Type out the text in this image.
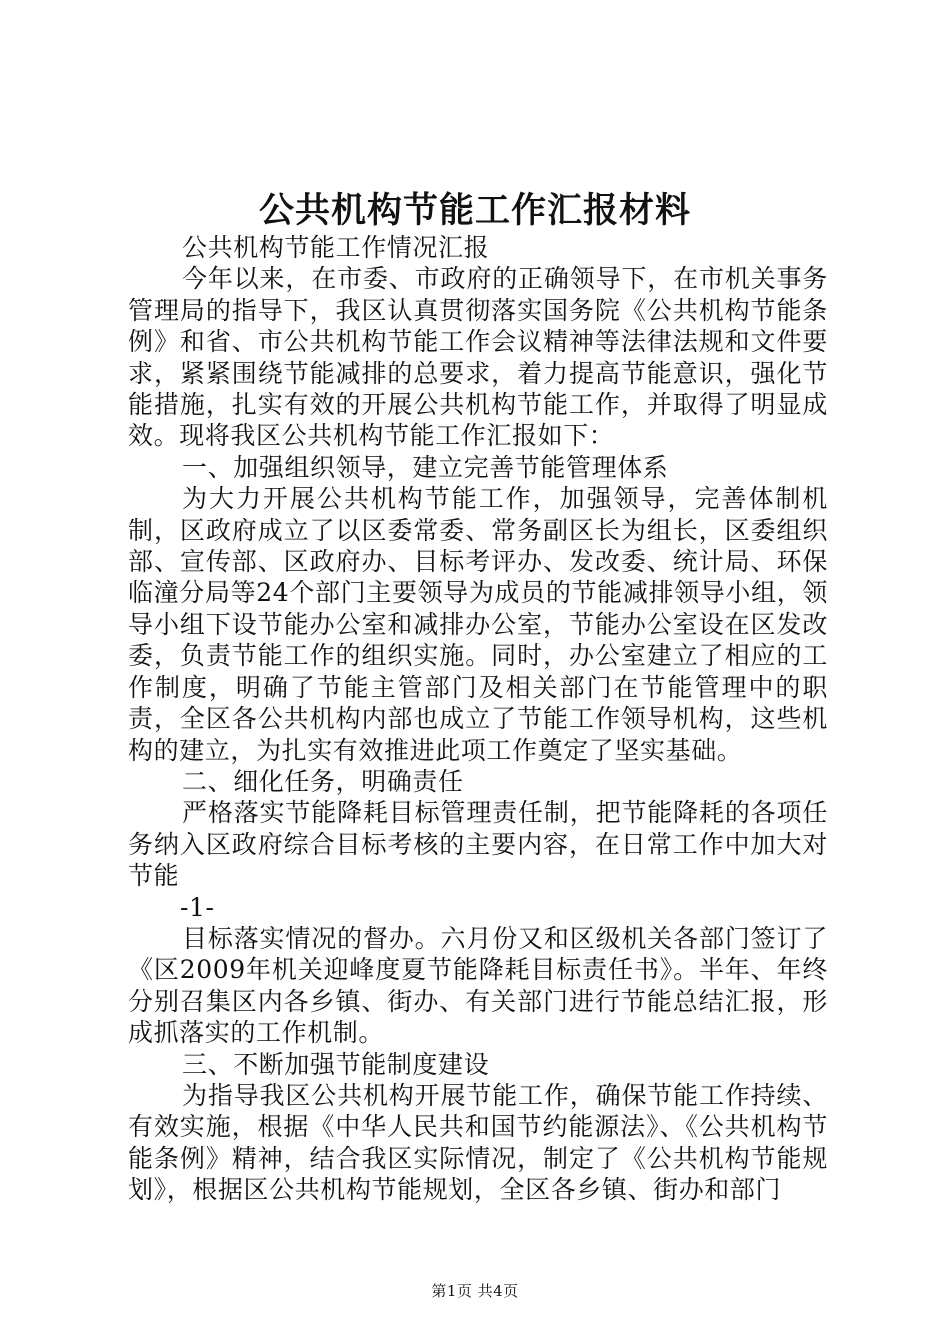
公共机构节能工作汇报材料

公共机构节能工作情况汇报

今年以来，在市委、市政府的正确领导下，在市机关事务管理局的指导下，我区认真贯彻落实国务院《公共机构节能条例》和省、市公共机构节能工作会议精神等法律法规和文件要求，紧紧围绕节能减排的总要求，着力提高节能意识，强化节能措施，扎实有效的开展公共机构节能工作，并取得了明显成效。现将我区公共机构节能工作汇报如下：

一、加强组织领导，建立完善节能管理体系

为大力开展公共机构节能工作，加强领导，完善体制机制，区政府成立了以区委常委、常务副区长为组长，区委组织部、宣传部、区政府办、目标考评办、发改委、统计局、环保临潼分局等24个部门主要领导为成员的节能减排领导小组，领导小组下设节能办公室和减排办公室，节能办公室设在区发改委，负责节能工作的组织实施。同时，办公室建立了相应的工作制度，明确了节能主管部门及相关部门在节能管理中的职责，全区各公共机构内部也成立了节能工作领导机构，这些机构的建立，为扎实有效推进此项工作奠定了坚实基础。

二、细化任务，明确责任

严格落实节能降耗目标管理责任制，把节能降耗的各项任务纳入区政府综合目标考核的主要内容，在日常工作中加大对节能

-1-

目标落实情况的督办。六月份又和区级机关各部门签订了《区2009年机关迎峰度夏节能降耗目标责任书》。半年、年终分别召集区内各乡镇、街办、有关部门进行节能总结汇报，形成抓落实的工作机制。

三、不断加强节能制度建设

为指导我区公共机构开展节能工作，确保节能工作持续、有效实施，根据《中华人民共和国节约能源法》、《公共机构节能条例》精神，结合我区实际情况，制定了《公共机构节能规划》，根据区公共机构节能规划，全区各乡镇、街办和部门

第1页 共4页
